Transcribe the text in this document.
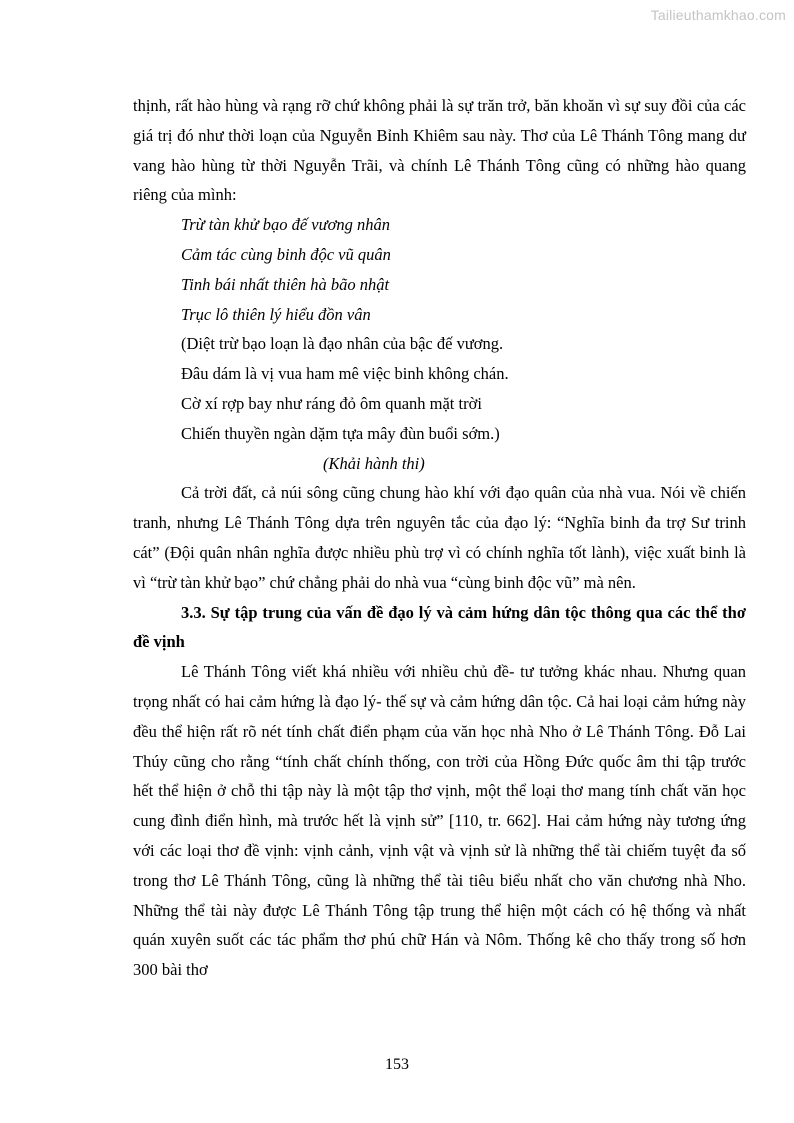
Tailieuthamkhao.com

thịnh, rất hào hùng và rạng rỡ chứ không phải là sự trăn trở, băn khoăn vì sự suy đồi của các giá trị đó như thời loạn của Nguyễn Bỉnh Khiêm sau này. Thơ của Lê Thánh Tông mang dư vang hào hùng từ thời Nguyễn Trãi, và chính Lê Thánh Tông cũng có những hào quang riêng của mình:

Trừ tàn khử bạo đế vương nhân
Cảm tác cùng binh độc vũ quân
Tinh bái nhất thiên hà bão nhật
Trục lô thiên lý hiểu đồn vân
(Diệt trừ bạo loạn là đạo nhân của bậc đế vương.
Đâu dám là vị vua ham mê việc binh không chán.
Cờ xí rợp bay như ráng đỏ ôm quanh mặt trời
Chiến thuyền ngàn dặm tựa mây đùn buổi sớm.)
(Khải hành thi)

Cả trời đất, cả núi sông cũng chung hào khí với đạo quân của nhà vua. Nói về chiến tranh, nhưng Lê Thánh Tông dựa trên nguyên tắc của đạo lý: “Nghĩa binh đa trợ Sư trinh cát” (Đội quân nhân nghĩa được nhiều phù trợ vì có chính nghĩa tốt lành), việc xuất binh là vì “trừ tàn khử bạo” chứ chẳng phải do nhà vua “cùng binh độc vũ” mà nên.

3.3. Sự tập trung của vấn đề đạo lý và cảm hứng dân tộc thông qua các thể thơ đề vịnh

Lê Thánh Tông viết khá nhiều với nhiều chủ đề- tư tưởng khác nhau. Nhưng quan trọng nhất có hai cảm hứng là đạo lý- thế sự và cảm hứng dân tộc. Cả hai loại cảm hứng này đều thể hiện rất rõ nét tính chất điển phạm của văn học nhà Nho ở Lê Thánh Tông. Đỗ Lai Thúy cũng cho rằng “tính chất chính thống, con trời của Hồng Đức quốc âm thi tập trước hết thể hiện ở chỗ thi tập này là một tập thơ vịnh, một thể loại thơ mang tính chất văn học cung đình điển hình, mà trước hết là vịnh sử” [110, tr. 662]. Hai cảm hứng này tương ứng với các loại thơ đề vịnh: vịnh cảnh, vịnh vật và vịnh sử là những thể tài chiếm tuyệt đa số trong thơ Lê Thánh Tông, cũng là những thể tài tiêu biểu nhất cho văn chương nhà Nho. Những thể tài này được Lê Thánh Tông tập trung thể hiện một cách có hệ thống và nhất quán xuyên suốt các tác phẩm thơ phú chữ Hán và Nôm. Thống kê cho thấy trong số hơn 300 bài thơ

153
